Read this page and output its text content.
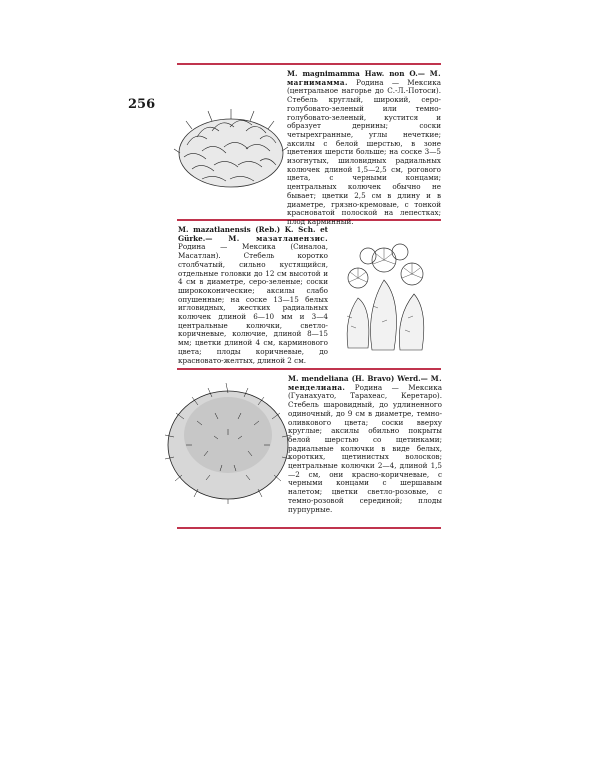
256
M. magnimamma Haw. non O.— M. магнимамма. Родина — Мексика (центральное нагорье до С.-Л.-Потоси). Стебель круглый, широкий, серо-голубовато-зеленый или темно-голубовато-зеленый, кустится и образует дернины; соски четырехгранные, углы нечеткие; аксилы с белой шерстью, в зоне цветения шерсти больше; на соске 3—5 изогнутых, шиловидных радиальных колючек длиной 1,5—2,5 см, рогового цвета, с черными концами; центральных колючек обычно не бывает; цветки 2,5 см в длину и в диаметре, грязно-кремовые, с тонкой красноватой полоской на лепестках; плод карминный.
M. mazatlanensis (Reb.) K. Sch. et Gürke.— M. мазатланензис. Родина — Мексика (Синалоа, Масатлан). Стебель коротко столбчатый, сильно кустящийся, отдельные головки до 12 см высотой и 4 см в диаметре, серо-зеленые; соски ширококонические; аксилы слабо опушенные; на соске 13—15 белых игловидных, жестких радиальных колючек длиной 6—10 мм и 3—4 центральные колючки, светло-коричневые, колючие, длиной 8—15 мм; цветки длиной 4 см, карминового цвета; плоды коричневые, до красновато-желтых, длиной 2 см.
M. mendeliana (H. Bravo) Werd.— M. менделиана. Родина — Мексика (Гуанахуато, Тарахеас, Керетаро). Стебель шаровидный, до удлиненного одиночный, до 9 см в диаметре, темно-оливкового цвета; соски вверху круглые; аксилы обильно покрыты белой шерстью со щетинками; радиальные колючки в виде белых, коротких, щетинистых волосков; центральные колючки 2—4, длиной 1,5—2 см, они красно-коричневые, с черными концами с шершавым налетом; цветки светло-розовые, с темно-розовой серединой; плоды пурпурные.
